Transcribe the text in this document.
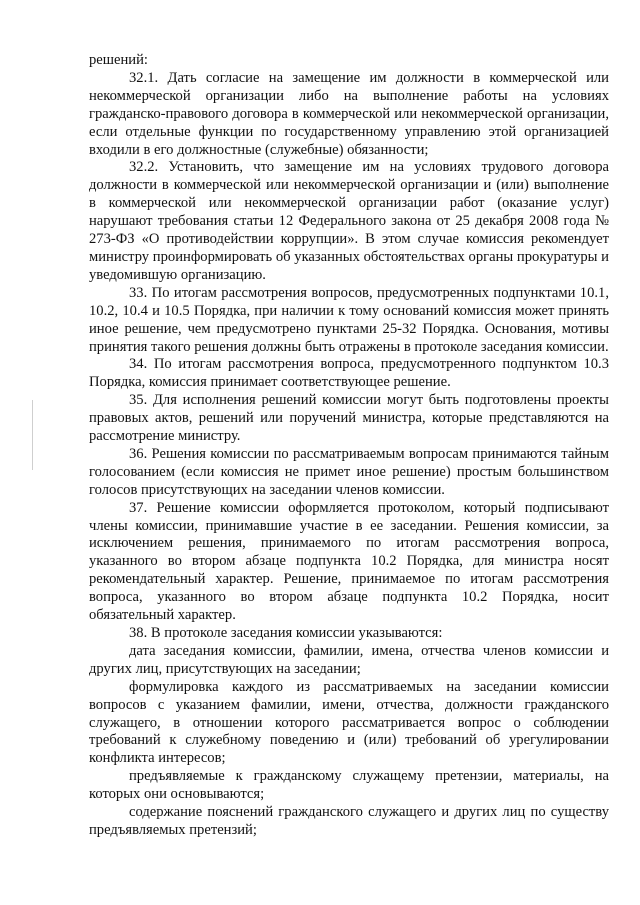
решений:

32.1. Дать согласие на замещение им должности в коммерческой или некоммерческой организации либо на выполнение работы на условиях гражданско-правового договора в коммерческой или некоммерческой организации, если отдельные функции по государственному управлению этой организацией входили в его должностные (служебные) обязанности;

32.2. Установить, что замещение им на условиях трудового договора должности в коммерческой или некоммерческой организации и (или) выполнение в коммерческой или некоммерческой организации работ (оказание услуг) нарушают требования статьи 12 Федерального закона от 25 декабря 2008 года № 273-ФЗ «О противодействии коррупции». В этом случае комиссия рекомендует министру проинформировать об указанных обстоятельствах органы прокуратуры и уведомившую организацию.

33. По итогам рассмотрения вопросов, предусмотренных подпунктами 10.1, 10.2, 10.4 и 10.5 Порядка, при наличии к тому оснований комиссия может принять иное решение, чем предусмотрено пунктами 25-32 Порядка. Основания, мотивы принятия такого решения должны быть отражены в протоколе заседания комиссии.

34. По итогам рассмотрения вопроса, предусмотренного подпунктом 10.3 Порядка, комиссия принимает соответствующее решение.

35. Для исполнения решений комиссии могут быть подготовлены проекты правовых актов, решений или поручений министра, которые представляются на рассмотрение министру.

36. Решения комиссии по рассматриваемым вопросам принимаются тайным голосованием (если комиссия не примет иное решение) простым большинством голосов присутствующих на заседании членов комиссии.

37. Решение комиссии оформляется протоколом, который подписывают члены комиссии, принимавшие участие в ее заседании. Решения комиссии, за исключением решения, принимаемого по итогам рассмотрения вопроса, указанного во втором абзаце подпункта 10.2 Порядка, для министра носят рекомендательный характер. Решение, принимаемое по итогам рассмотрения вопроса, указанного во втором абзаце подпункта 10.2 Порядка, носит обязательный характер.

38. В протоколе заседания комиссии указываются:

дата заседания комиссии, фамилии, имена, отчества членов комиссии и других лиц, присутствующих на заседании;

формулировка каждого из рассматриваемых на заседании комиссии вопросов с указанием фамилии, имени, отчества, должности гражданского служащего, в отношении которого рассматривается вопрос о соблюдении требований к служебному поведению и (или) требований об урегулировании конфликта интересов;

предъявляемые к гражданскому служащему претензии, материалы, на которых они основываются;

содержание пояснений гражданского служащего и других лиц по существу предъявляемых претензий;
